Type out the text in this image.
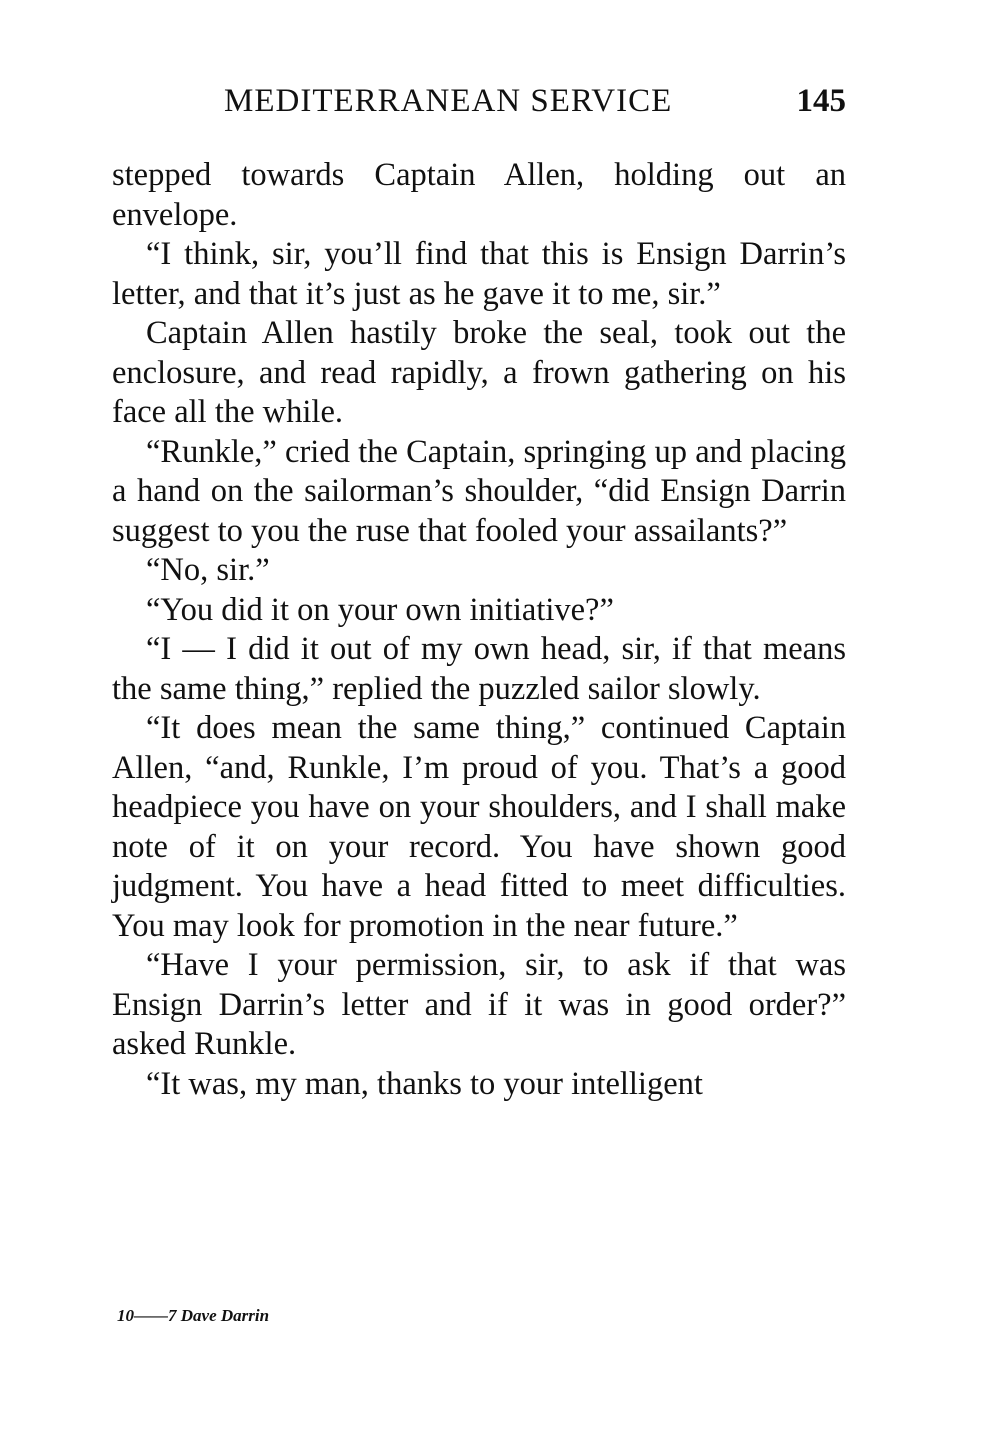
MEDITERRANEAN SERVICE	145

stepped towards Captain Allen, holding out an envelope.

“I think, sir, you’ll find that this is Ensign Darrin’s letter, and that it’s just as he gave it to me, sir.”

Captain Allen hastily broke the seal, took out the enclosure, and read rapidly, a frown gathering on his face all the while.

“Runkle,” cried the Captain, springing up and placing a hand on the sailorman’s shoulder, “did Ensign Darrin suggest to you the ruse that fooled your assailants?”

“No, sir.”

“You did it on your own initiative?”

“I — I did it out of my own head, sir, if that means the same thing,” replied the puzzled sailor slowly.

“It does mean the same thing,” continued Captain Allen, “and, Runkle, I’m proud of you. That’s a good headpiece you have on your shoulders, and I shall make note of it on your record. You have shown good judgment. You have a head fitted to meet difficulties. You may look for promotion in the near future.”

“Have I your permission, sir, to ask if that was Ensign Darrin’s letter and if it was in good order?” asked Runkle.

“It was, my man, thanks to your intelligent

10——7 Dave Darrin
